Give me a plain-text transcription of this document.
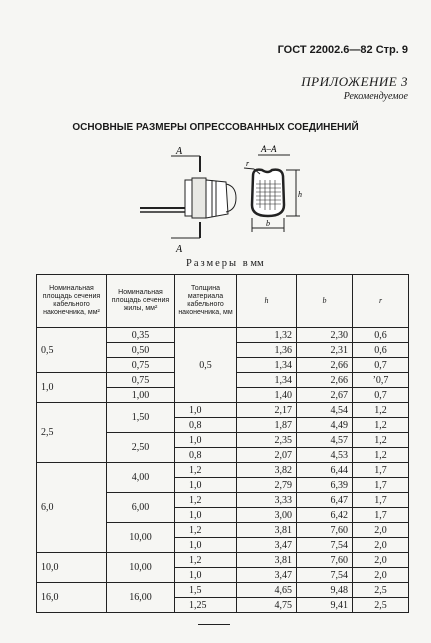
ГОСТ 22002.6—82 Стр. 9
ПРИЛОЖЕНИЕ 3
Рекомендуемое
ОСНОВНЫЕ РАЗМЕРЫ ОПРЕССОВАННЫХ СОЕДИНЕНИЙ
А
А
А–А
r
h
b
Размеры в мм
Номинальная площадь сечения кабельного наконечника, мм²	Номинальная площадь сечения жилы, мм²	Толщина материала кабельного наконечника, мм	h	b	r
0,5	0,35	0,5	1,32	2,30	0,6
	0,50		1,36	2,31	0,6
	0,75		1,34	2,66	0,7
1,0	0,75		1,34	2,66	ʼ0,7
	1,00		1,40	2,67	0,7
2,5	1,50	1,0	2,17	4,54	1,2
		0,8	1,87	4,49	1,2
	2,50	1,0	2,35	4,57	1,2
		0,8	2,07	4,53	1,2
6,0	4,00	1,2	3,82	6,44	1,7
		1,0	2,79	6,39	1,7
	6,00	1,2	3,33	6,47	1,7
		1,0	3,00	6,42	1,7
	10,00	1,2	3,81	7,60	2,0
		1,0	3,47	7,54	2,0
10,0	10,00	1,2	3,81	7,60	2,0
		1,0	3,47	7,54	2,0
16,0	16,00	1,5	4,65	9,48	2,5
		1,25	4,75	9,41	2,5
